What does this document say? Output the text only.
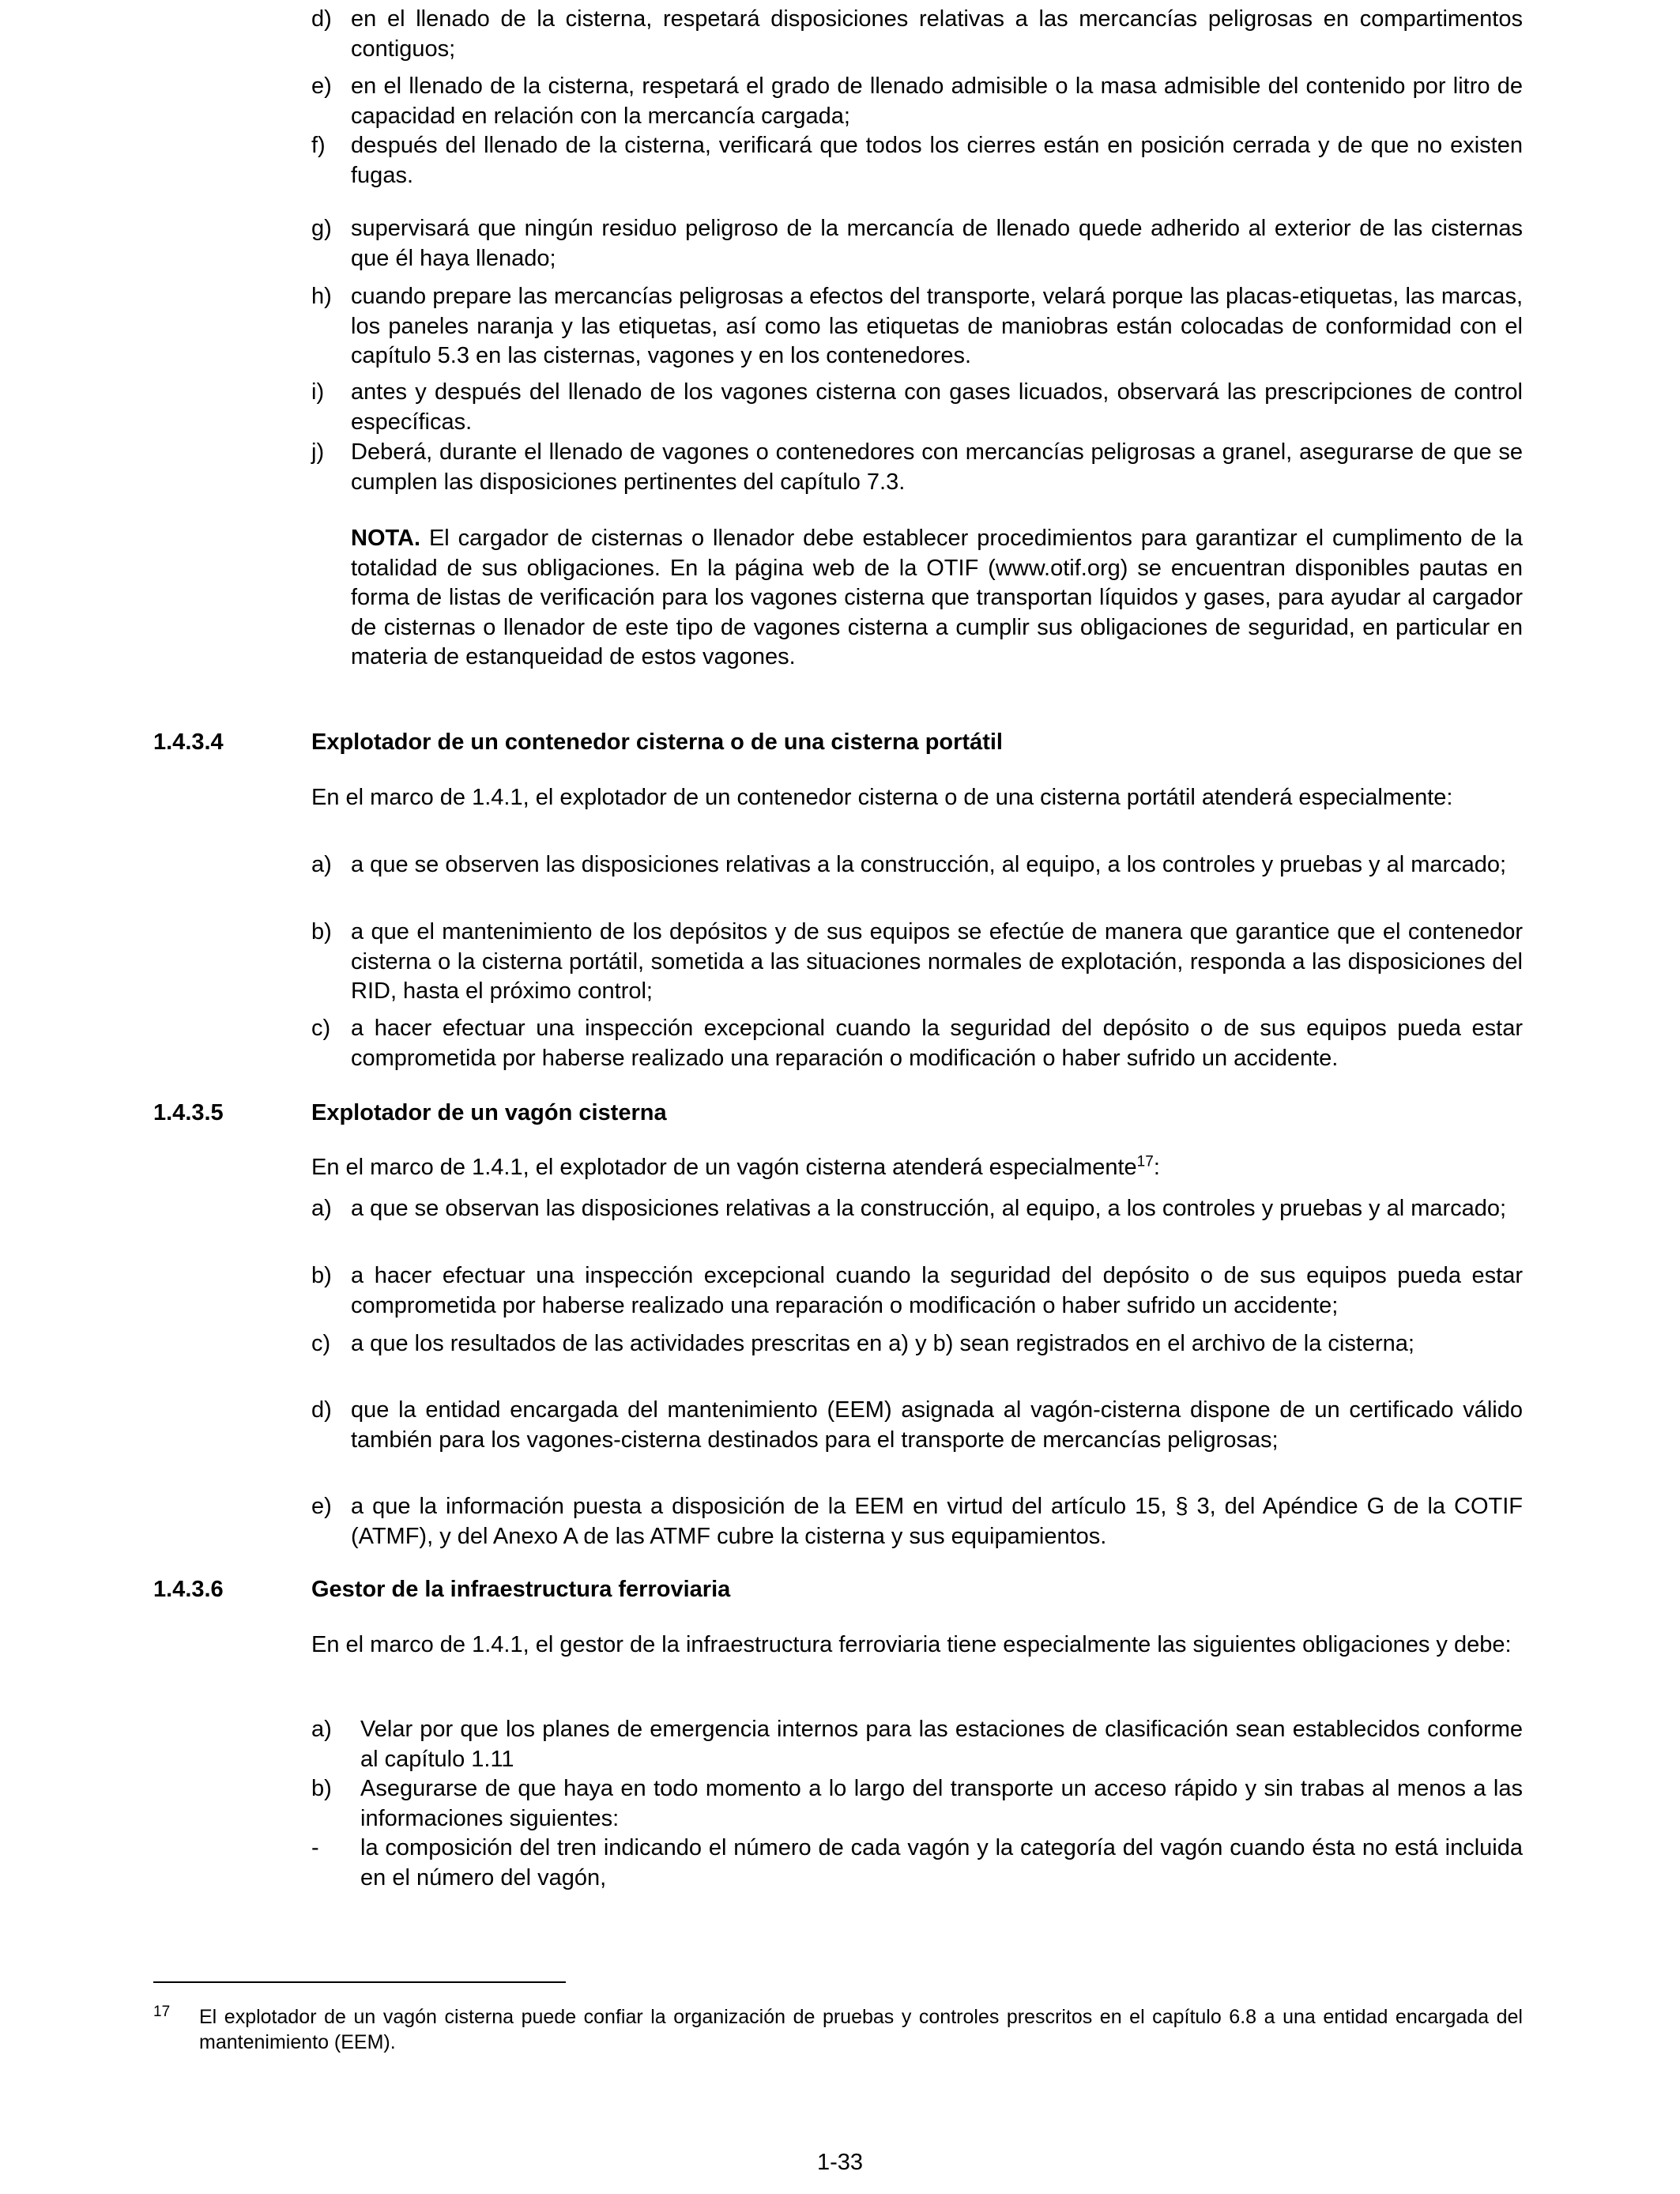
d) en el llenado de la cisterna, respetará disposiciones relativas a las mercancías peligrosas en compartimentos contiguos;
e) en el llenado de la cisterna, respetará el grado de llenado admisible o la masa admisible del contenido por litro de capacidad en relación con la mercancía cargada;
f) después del llenado de la cisterna, verificará que todos los cierres están en posición cerrada y de que no existen fugas.
g) supervisará que ningún residuo peligroso de la mercancía de llenado quede adherido al exterior de las cisternas que él haya llenado;
h) cuando prepare las mercancías peligrosas a efectos del transporte, velará porque las placas-etiquetas, las marcas, los paneles naranja y las etiquetas, así como las etiquetas de maniobras están colocadas de conformidad con el capítulo 5.3 en las cisternas, vagones y en los contenedores.
i) antes y después del llenado de los vagones cisterna con gases licuados, observará las prescripciones de control específicas.
j) Deberá, durante el llenado de vagones o contenedores con mercancías peligrosas a granel, asegurarse de que se cumplen las disposiciones pertinentes del capítulo 7.3.

NOTA. El cargador de cisternas o llenador debe establecer procedimientos para garantizar el cumplimento de la totalidad de sus obligaciones. En la página web de la OTIF (www.otif.org) se encuentran disponibles pautas en forma de listas de verificación para los vagones cisterna que transportan líquidos y gases, para ayudar al cargador de cisternas o llenador de este tipo de vagones cisterna a cumplir sus obligaciones de seguridad, en particular en materia de estanqueidad de estos vagones.

1.4.3.4	Explotador de un contenedor cisterna o de una cisterna portátil

En el marco de 1.4.1, el explotador de un contenedor cisterna o de una cisterna portátil atenderá especialmente:

a) a que se observen las disposiciones relativas a la construcción, al equipo, a los controles y pruebas y al marcado;
b) a que el mantenimiento de los depósitos y de sus equipos se efectúe de manera que garantice que el contenedor cisterna o la cisterna portátil, sometida a las situaciones normales de explotación, responda a las disposiciones del RID, hasta el próximo control;
c) a hacer efectuar una inspección excepcional cuando la seguridad del depósito o de sus equipos pueda estar comprometida por haberse realizado una reparación o modificación o haber sufrido un accidente.
1.4.3.5	Explotador de un vagón cisterna

En el marco de 1.4.1, el explotador de un vagón cisterna atenderá especialmente$^{17}$:

a) a que se observan las disposiciones relativas a la construcción, al equipo, a los controles y pruebas y al marcado;
b) a hacer efectuar una inspección excepcional cuando la seguridad del depósito o de sus equipos pueda estar comprometida por haberse realizado una reparación o modificación o haber sufrido un accidente;
c) a que los resultados de las actividades prescritas en a) y b) sean registrados en el archivo de la cisterna;
d) que la entidad encargada del mantenimiento (EEM) asignada al vagón-cisterna dispone de un certificado válido también para los vagones-cisterna destinados para el transporte de mercancías peligrosas;
e) a que la información puesta a disposición de la EEM en virtud del artículo 15, § 3, del Apéndice G de la COTIF (ATMF), y del Anexo A de las ATMF cubre la cisterna y sus equipamientos.
1.4.3.6	Gestor de la infraestructura ferroviaria

En el marco de 1.4.1, el gestor de la infraestructura ferroviaria tiene especialmente las siguientes obligaciones y debe:

a) Velar por que los planes de emergencia internos para las estaciones de clasificación sean establecidos conforme al capítulo 1.11
b) Asegurarse de que haya en todo momento a lo largo del transporte un acceso rápido y sin trabas al menos a las informaciones siguientes:
- la composición del tren indicando el número de cada vagón y la categoría del vagón cuando ésta no está incluida en el número del vagón,
17 El explotador de un vagón cisterna puede confiar la organización de pruebas y controles prescritos en el capítulo 6.8 a una entidad encargada del mantenimiento (EEM).
1-33
